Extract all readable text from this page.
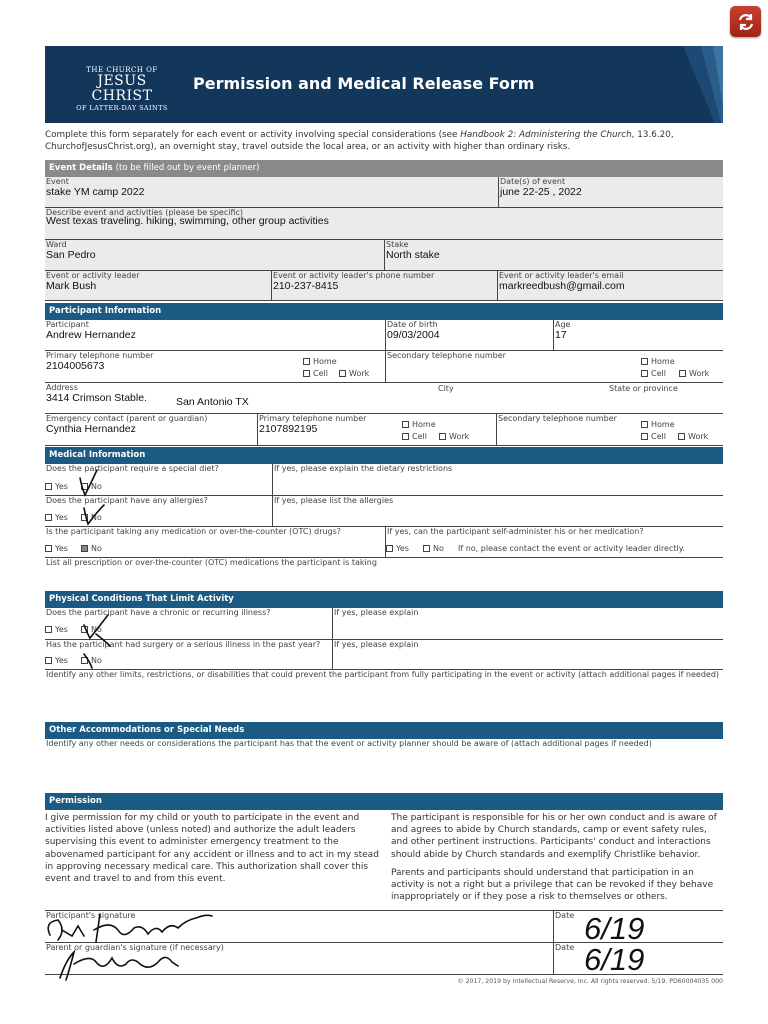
THE CHURCH OF
JESUS CHRIST
OF LATTER-DAY SAINTS
Permission and Medical Release Form
Complete this form separately for each event or activity involving special considerations (see Handbook 2: Administering the Church, 13.6.20, ChurchofJesusChrist.org), an overnight stay, travel outside the local area, or an activity with higher than ordinary risks.
Event Details (to be filled out by event planner)
Event
stake YM camp 2022
Date(s) of event
june 22-25 , 2022
Describe event and activities (please be specific)
West texas traveling. hiking, swimming, other group activities
Ward
San Pedro
Stake
North stake
Event or activity leader
Mark Bush
Event or activity leader's phone number
210-237-8415
Event or activity leader's email
markreedbush@gmail.com
Participant Information
Participant
Andrew Hernandez
Date of birth
09/03/2004
Age
17
Primary telephone number
2104005673	Home
Cell	Work
Secondary telephone number
Home
Cell	Work
Address
3414 Crimson Stable.
City
San Antonio TX
State or province
Emergency contact (parent or guardian)
Cynthia Hernandez
Primary telephone number
2107892195	Home
Cell	Work
Secondary telephone number
Home
Cell	Work
Medical Information
Does the participant require a special diet?
Yes	No
If yes, please explain the dietary restrictions
Does the participant have any allergies?
Yes	No
If yes, please list the allergies
Is the participant taking any medication or over-the-counter (OTC) drugs?
Yes	No
If yes, can the participant self-administer his or her medication?
Yes	No If no, please contact the event or activity leader directly.
List all prescription or over-the-counter (OTC) medications the participant is taking
Physical Conditions That Limit Activity
Does the participant have a chronic or recurring illness?
Yes	No
If yes, please explain
Has the participant had surgery or a serious illness in the past year?
Yes	No
If yes, please explain
Identify any other limits, restrictions, or disabilities that could prevent the participant from fully participating in the event or activity (attach additional pages if needed)
Other Accommodations or Special Needs
Identify any other needs or considerations the participant has that the event or activity planner should be aware of (attach additional pages if needed)
Permission
I give permission for my child or youth to participate in the event and activities listed above (unless noted) and authorize the adult leaders supervising this event to administer emergency treatment to the abovenamed participant for any accident or illness and to act in my stead in approving necessary medical care. This authorization shall cover this event and travel to and from this event.
The participant is responsible for his or her own conduct and is aware of and agrees to abide by Church standards, camp or event safety rules, and other pertinent instructions. Participants' conduct and interactions should abide by Church standards and exemplify Christlike behavior.
Parents and participants should understand that participation in an activity is not a right but a privilege that can be revoked if they behave inappropriately or if they pose a risk to themselves or others.
Participant's signature	Date 6/19
Parent or guardian's signature (if necessary)	Date 6/19
© 2017, 2019 by Intellectual Reserve, Inc. All rights reserved. 5/19. PD60004035 000
